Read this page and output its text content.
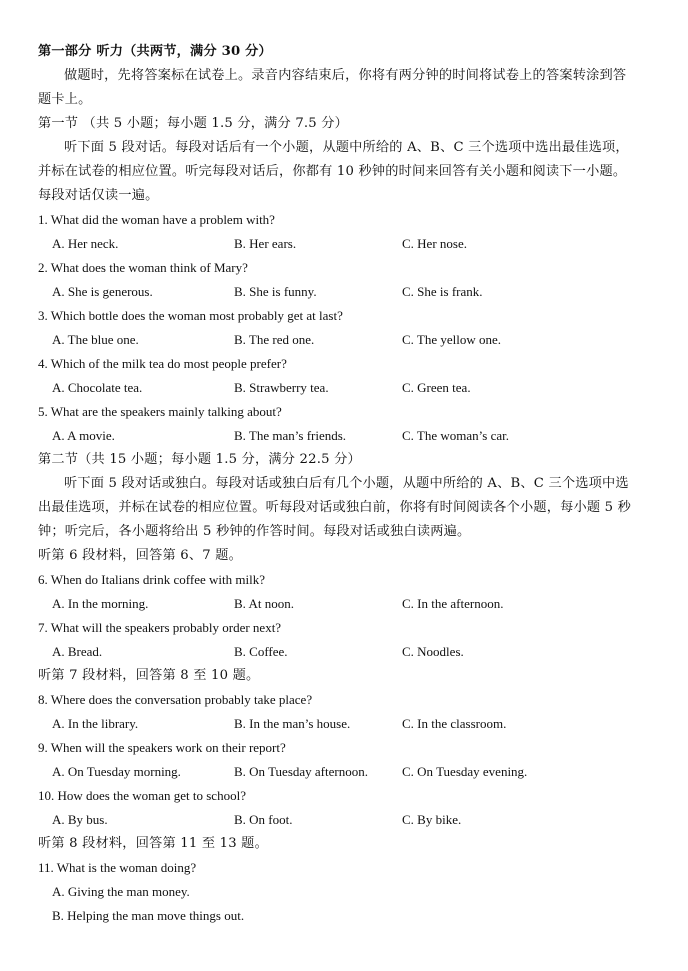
第一部分 听力（共两节，满分 30 分）
做题时，先将答案标在试卷上。录音内容结束后，你将有两分钟的时间将试卷上的答案转涂到答
题卡上。
第一节 （共 5 小题；每小题 1.5 分，满分 7.5 分）
听下面 5 段对话。每段对话后有一个小题，从题中所给的 A、B、C 三个选项中选出最佳选项，
并标在试卷的相应位置。听完每段对话后，你都有 10 秒钟的时间来回答有关小题和阅读下一小题。
每段对话仅读一遍。
1. What did the woman have a problem with?
A. Her neck.	B. Her ears.	C. Her nose.
2. What does the woman think of Mary?
A. She is generous.	B. She is funny.	C. She is frank.
3. Which bottle does the woman most probably get at last?
A. The blue one.	B. The red one.	C. The yellow one.
4. Which of the milk tea do most people prefer?
A. Chocolate tea.	B. Strawberry tea.	C. Green tea.
5. What are the speakers mainly talking about?
A. A movie.	B. The man’s friends.	C. The woman’s car.
第二节（共 15 小题；每小题 1.5 分，满分 22.5 分）
听下面 5 段对话或独白。每段对话或独白后有几个小题，从题中所给的 A、B、C 三个选项中选
出最佳选项，并标在试卷的相应位置。听每段对话或独白前，你将有时间阅读各个小题，每小题 5 秒
钟；听完后，各小题将给出 5 秒钟的作答时间。每段对话或独白读两遍。
听第 6 段材料，回答第 6、7 题。
6. When do Italians drink coffee with milk?
A. In the morning.	B. At noon.	C. In the afternoon.
7. What will the speakers probably order next?
A. Bread.	B. Coffee.	C. Noodles.
听第 7 段材料，回答第 8 至 10 题。
8. Where does the conversation probably take place?
A. In the library.	B. In the man’s house.	C. In the classroom.
9. When will the speakers work on their report?
A. On Tuesday morning.	B. On Tuesday afternoon.	C. On Tuesday evening.
10. How does the woman get to school?
A. By bus.	B. On foot.	C. By bike.
听第 8 段材料，回答第 11 至 13 题。
11. What is the woman doing?
A. Giving the man money.
B. Helping the man move things out.
